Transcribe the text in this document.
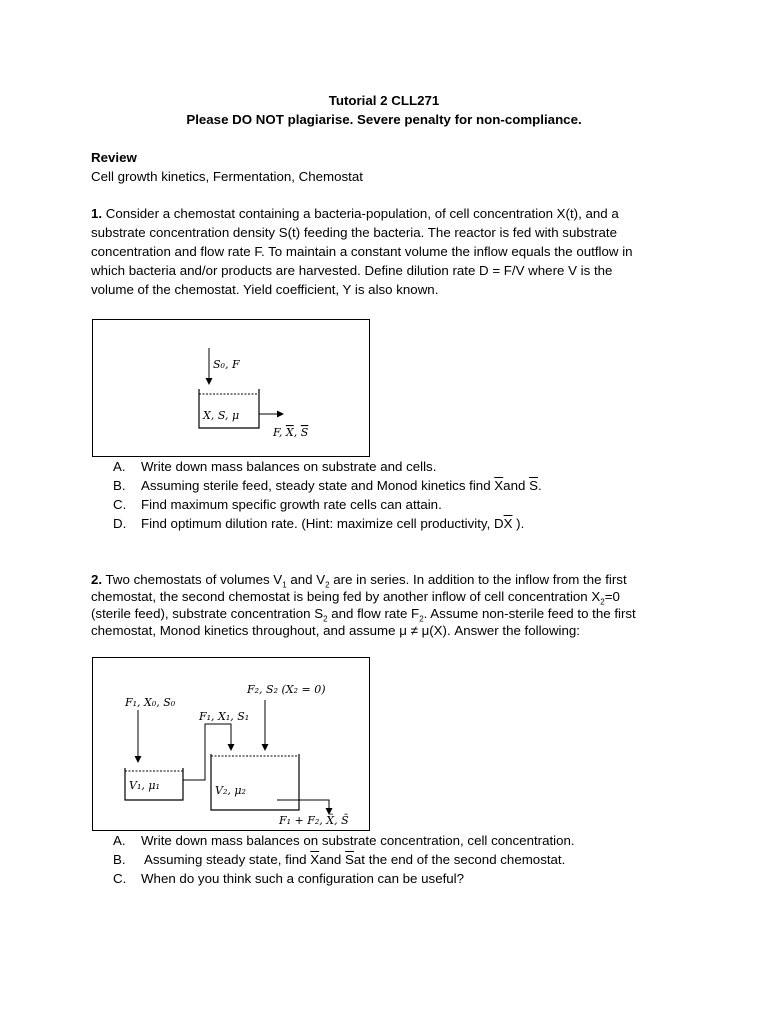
Tutorial 2 CLL271
Please DO NOT plagiarise. Severe penalty for non-compliance.
Review
Cell growth kinetics, Fermentation, Chemostat
1. Consider a chemostat containing a bacteria-population, of cell concentration X(t), and a
substrate concentration density S(t) feeding the bacteria. The reactor is fed with substrate
concentration and flow rate F. To maintain a constant volume the inflow equals the outflow in
which bacteria and/or products are harvested. Define dilution rate D = F/V where V is the
volume of the chemostat. Yield coefficient, Y is also known.
S₀, F
X, S, μ
F, X, S
A. Write down mass balances on substrate and cells.
B. Assuming sterile feed, steady state and Monod kinetics find $\overline{X}and$ $\overline{S}$.
C. Find maximum specific growth rate cells can attain.
D. Find optimum dilution rate. (Hint: maximize cell productivity, $D\overline{X}$ ).
2. Two chemostats of volumes $V_1$ and $V_2$ are in series. In addition to the inflow from the first
chemostat, the second chemostat is being fed by another inflow of cell concentration $X_2=0$
(sterile feed), substrate concentration $S_2$ and flow rate $F_2$. Assume non-sterile feed to the first
chemostat, Monod kinetics throughout, and assume μ ≠ μ(X). Answer the following:
F₁, X₀, S₀
F₁, X₁, S₁
F₂, S₂ (X₂ = 0)
V₁, μ₁	V₂, μ₂
F₁ + F₂, X̄, S̄
A. Write down mass balances on substrate concentration, cell concentration.
B. Assuming steady state, find $\overline{X}and$ $\overline{S}at$ the end of the second chemostat.
C. When do you think such a configuration can be useful?
